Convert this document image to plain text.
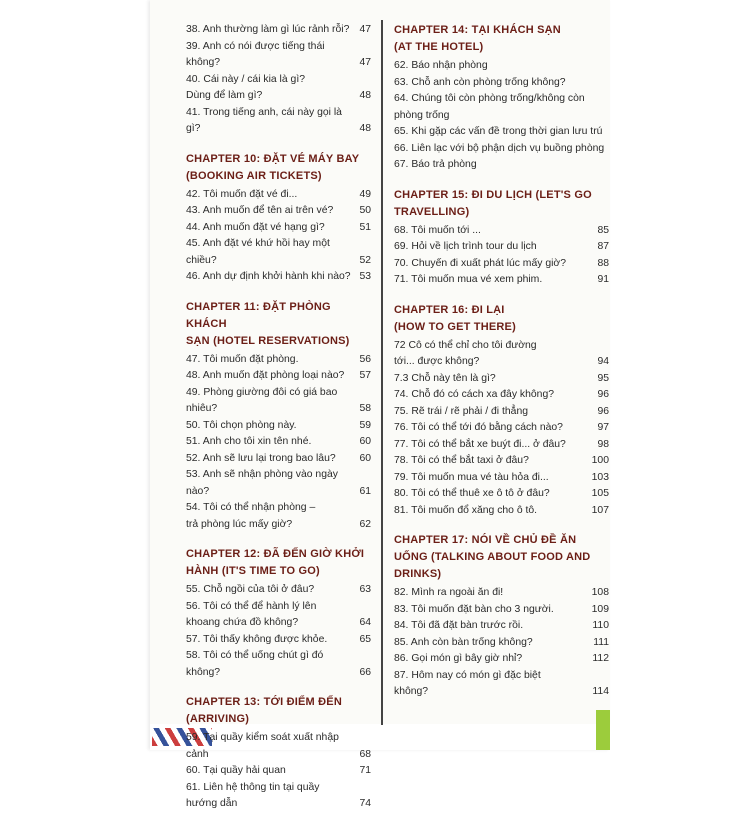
38. Anh thường làm gì lúc rảnh rỗi? 47
39. Anh có nói được tiếng thái không?	47
40. Cái này / cái kia là gì?
Dùng để làm gì?	48
41. Trong tiếng anh, cái này gọi là gì?	48
CHAPTER 10: ĐẶT VÉ MÁY BAY
(BOOKING AIR TICKETS)
42. Tôi muốn đặt vé đi...	49
43. Anh muốn để tên ai trên vé?	50
44. Anh muốn đặt vé hạng gì?	51
45. Anh đặt vé khứ hồi hay một chiều?	52
46. Anh dự định khởi hành khi nào? 53
CHAPTER 11: ĐẶT PHÒNG KHÁCH
SẠN (HOTEL RESERVATIONS)
47. Tôi muốn đặt phòng.	56
48. Anh muốn đặt phòng loại nào?	57
49. Phòng giường đôi có giá bao nhiêu?	58
50. Tôi chọn phòng này.	59
51. Anh cho tôi xin tên nhé.	60
52. Anh sẽ lưu lại trong bao lâu?	60
53. Anh sẽ nhận phòng vào ngày nào?	61
54. Tôi có thể nhận phòng –
trả phòng lúc mấy giờ?	62
CHAPTER 12: ĐÃ ĐẾN GIỜ KHỞI
HÀNH (IT'S TIME TO GO)
55. Chỗ ngồi của tôi ở đâu?	63
56. Tôi có thể để hành lý lên
khoang chứa đồ không?	64
57. Tôi thấy không được khỏe.	65
58. Tôi có thể uống chút gì đó không?	66
CHAPTER 13: TỚI ĐIỂM ĐẾN
(ARRIVING)
59. Tại quầy kiểm soát xuất nhập cảnh	68
60. Tại quầy hải quan	71
61. Liên hệ thông tin tại quầy
hướng dẫn	74
CHAPTER 14: TẠI KHÁCH SẠN
(AT THE HOTEL)
62. Báo nhận phòng
63. Chỗ anh còn phòng trống không?
64. Chúng tôi còn phòng trống/không còn
phòng trống
65. Khi gặp các vấn đề trong thời gian lưu trú
66. Liên lạc với bộ phận dịch vụ buồng phòng
67. Báo trả phòng
CHAPTER 15: ĐI DU LỊCH (LET'S GO
TRAVELLING)
68. Tôi muốn tới ...	85
69. Hỏi về lịch trình tour du lịch	87
70. Chuyến đi xuất phát lúc mấy giờ?	88
71. Tôi muốn mua vé xem phim.	91
CHAPTER 16: ĐI LẠI
(HOW TO GET THERE)
72 Cô có thể chỉ cho tôi đường
tới... được không?	94
7.3 Chỗ này tên là gì?	95
74. Chỗ đó có cách xa đây không?	96
75. Rẽ trái / rẽ phải / đi thẳng	96
76. Tôi có thể tới đó bằng cách nào?	97
77. Tôi có thể bắt xe buýt đi... ở đâu?	98
78. Tôi có thể bắt taxi ở đâu?	100
79. Tôi muốn mua vé tàu hỏa đi...	103
80. Tôi có thể thuê xe ô tô ở đâu?	105
81. Tôi muốn đổ xăng cho ô tô.	107
CHAPTER 17: NÓI VỀ CHỦ ĐỀ ĂN
UỐNG (TALKING ABOUT FOOD AND
DRINKS)
82. Mình ra ngoài ăn đi!	108
83. Tôi muốn đặt bàn cho 3 người.	109
84. Tôi đã đặt bàn trước rồi.	110
85. Anh còn bàn trống không?	111
86. Gọi món gì bây giờ nhỉ?	112
87. Hôm nay có món gì đặc biệt
không?	114
